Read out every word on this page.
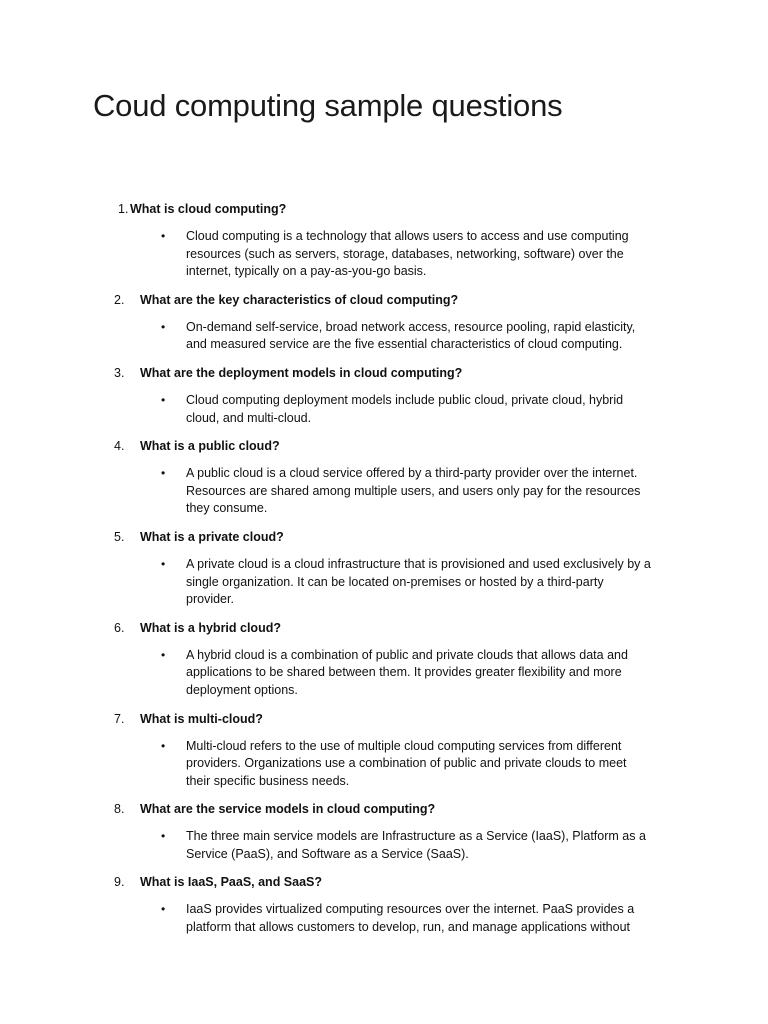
Coud computing sample questions
1. What is cloud computing?
• Cloud computing is a technology that allows users to access and use computing
resources (such as servers, storage, databases, networking, software) over the
internet, typically on a pay-as-you-go basis.
2.	What are the key characteristics of cloud computing?
• On-demand self-service, broad network access, resource pooling, rapid elasticity,
and measured service are the five essential characteristics of cloud computing.
3.	What are the deployment models in cloud computing?
• Cloud computing deployment models include public cloud, private cloud, hybrid
cloud, and multi-cloud.
4.	What is a public cloud?
• A public cloud is a cloud service offered by a third-party provider over the internet.
Resources are shared among multiple users, and users only pay for the resources
they consume.
5.	What is a private cloud?
• A private cloud is a cloud infrastructure that is provisioned and used exclusively by a
single organization. It can be located on-premises or hosted by a third-party
provider.
6.	What is a hybrid cloud?
• A hybrid cloud is a combination of public and private clouds that allows data and
applications to be shared between them. It provides greater flexibility and more
deployment options.
7.	What is multi-cloud?
• Multi-cloud refers to the use of multiple cloud computing services from different
providers. Organizations use a combination of public and private clouds to meet
their specific business needs.
8.	What are the service models in cloud computing?
• The three main service models are Infrastructure as a Service (IaaS), Platform as a
Service (PaaS), and Software as a Service (SaaS).
9.	What is IaaS, PaaS, and SaaS?
• IaaS provides virtualized computing resources over the internet. PaaS provides a
platform that allows customers to develop, run, and manage applications without
